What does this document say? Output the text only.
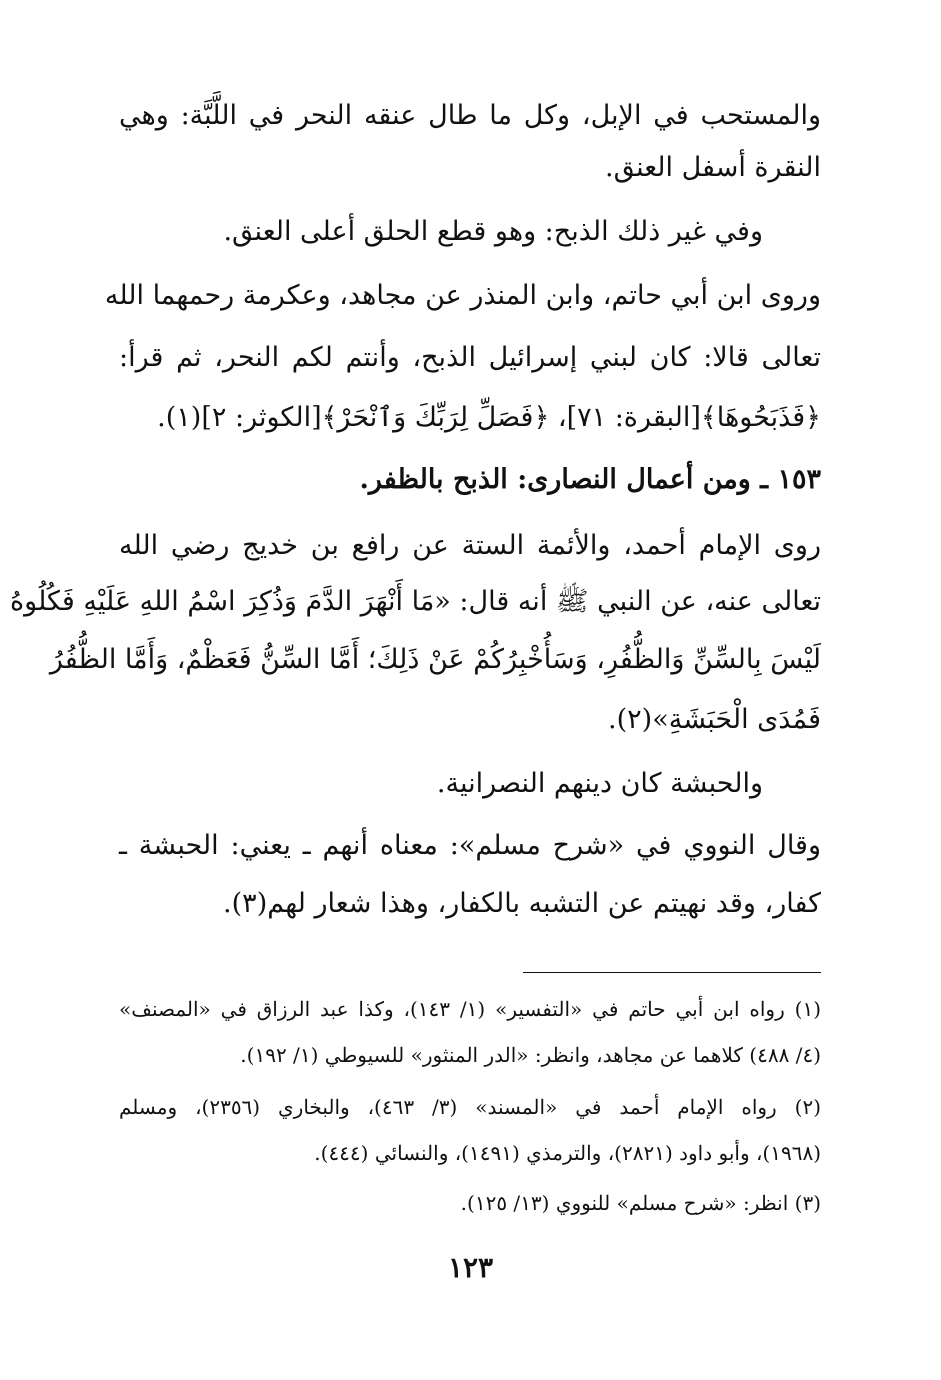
والمستحب في الإبل، وكل ما طال عنقه النحر في اللَّبَّة: وهي
النقرة أسفل العنق.
وفي غير ذلك الذبح: وهو قطع الحلق أعلى العنق.
وروى ابن أبي حاتم، وابن المنذر عن مجاهد، وعكرمة رحمهما الله
تعالى قالا: كان لبني إسرائيل الذبح، وأنتم لكم النحر، ثم قرأ:
﴿فَذَبَحُوهَا﴾[البقرة: ٧١]، ﴿فَصَلِّ لِرَبِّكَ وَٱنْحَرْ﴾[الكوثر: ٢](١).
١٥٣ ـ ومن أعمال النصارى: الذبح بالظفر.
روى الإمام أحمد، والأئمة الستة عن رافع بن خديج رضي الله
تعالى عنه، عن النبي ﷺ أنه قال: «مَا أَنْهَرَ الدَّمَ وَذُكِرَ اسْمُ اللهِ عَلَيْهِ فَكُلُوهُ
لَيْسَ بِالسِّنِّ وَالظُّفُرِ، وَسَأُخْبِرُكُمْ عَنْ ذَلِكَ؛ أَمَّا السِّنُّ فَعَظْمٌ، وَأَمَّا الظُّفُرُ
فَمُدَى الْحَبَشَةِ»(٢).
والحبشة كان دينهم النصرانية.
وقال النووي في «شرح مسلم»: معناه أنهم ـ يعني: الحبشة ـ
كفار، وقد نهيتم عن التشبه بالكفار، وهذا شعار لهم(٣).
(١) رواه ابن أبي حاتم في «التفسير» (١/ ١٤٣)، وكذا عبد الرزاق في «المصنف»
(٤/ ٤٨٨) كلاهما عن مجاهد، وانظر: «الدر المنثور» للسيوطي (١/ ١٩٢).
(٢) رواه الإمام أحمد في «المسند» (٣/ ٤٦٣)، والبخاري (٢٣٥٦)، ومسلم
(١٩٦٨)، وأبو داود (٢٨٢١)، والترمذي (١٤٩١)، والنسائي (٤٤٤).
(٣) انظر: «شرح مسلم» للنووي (١٣/ ١٢٥).
١٢٣
